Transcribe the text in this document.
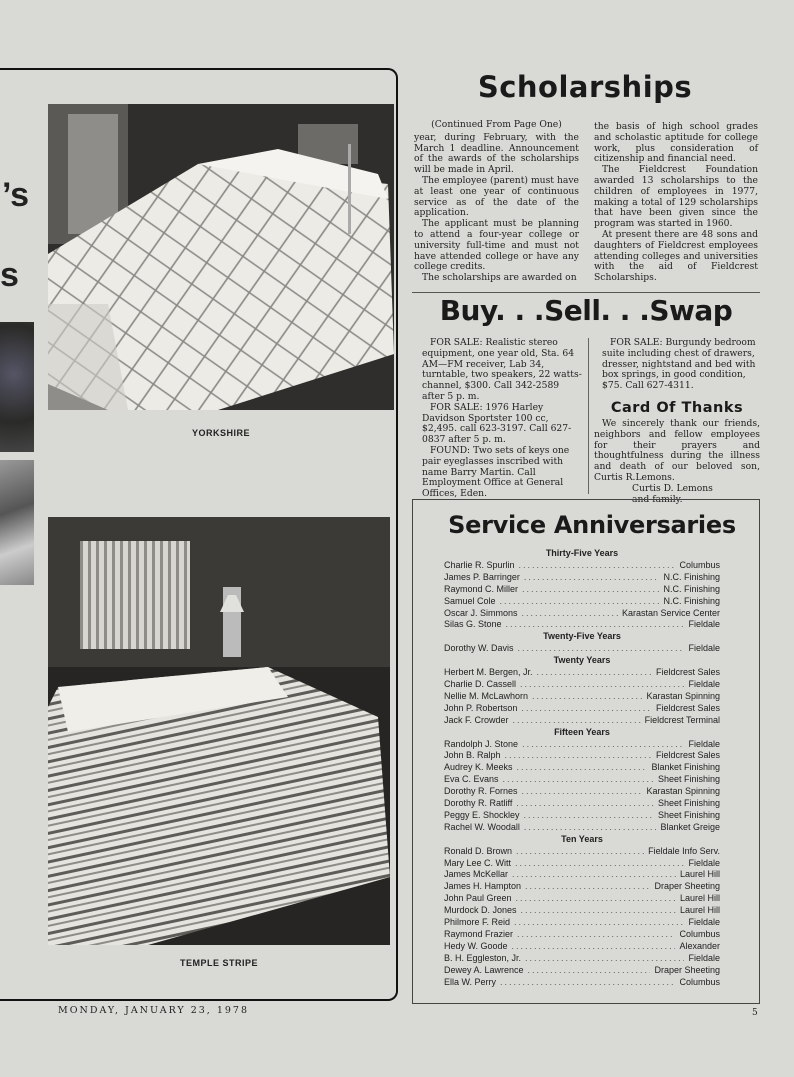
’s
s
YORKSHIRE
TEMPLE STRIPE
Scholarships
(Continued From Page One)

year, during February, with the March 1 deadline. Announcement of the awards of the scholarships will be made in April.

The employee (parent) must have at least one year of continuous service as of the date of the application.

The applicant must be planning to attend a four-year college or university full-time and must not have attended college or have any college credits.

The scholarships are awarded on

the basis of high school grades and scholastic aptitude for college work, plus consideration of citizenship and financial need.

The Fieldcrest Foundation awarded 13 scholarships to the children of employees in 1977, making a total of 129 scholarships that have been given since the program was started in 1960.

At present there are 48 sons and daughters of Fieldcrest employees attending colleges and universities with the aid of Fieldcrest Scholarships.

Buy. . .Sell. . .Swap

FOR SALE: Realistic stereo equipment, one year old, Sta. 64 AM—FM receiver, Lab 34, turntable, two speakers, 22 watts-channel, $300. Call 342-2589 after 5 p. m.

FOR SALE: 1976 Harley Davidson Sportster 100 cc, $2,495. call 623-3197. Call 627-0837 after 5 p. m.

FOUND: Two sets of keys one pair eyeglasses inscribed with name Barry Martin. Call Employment Office at General Offices, Eden.

FOR SALE: Burgundy bedroom suite including chest of drawers, dresser, nightstand and bed with box springs, in good condition, $75. Call 627-4311.

Card Of Thanks

We sincerely thank our friends, neighbors and fellow employees for their prayers and thoughtfulness during the illness and death of our beloved son, Curtis R.Lemons.

Curtis D. Lemons
and family.
Service Anniversaries
Thirty-Five Years
Charlie R. Spurlin .....	Columbus
James P. Barringer .....	N.C. Finishing
Raymond C. Miller .....	N.C. Finishing
Samuel Cole .....	N.C. Finishing
Oscar J. Simmons .....	Karastan Service Center
Silas G. Stone .....	Fieldale
Twenty-Five Years
Dorothy W. Davis .....	Fieldale
Twenty Years
Herbert M. Bergen, Jr. .....	Fieldcrest Sales
Charlie D. Cassell .....	Fieldale
Nellie M. McLawhorn .....	Karastan Spinning
John P. Robertson .....	Fieldcrest Sales
Jack F. Crowder .....	Fieldcrest Terminal
Fifteen Years
Randolph J. Stone .....	Fieldale
John B. Ralph .....	Fieldcrest Sales
Audrey K. Meeks .....	Blanket Finishing
Eva C. Evans .....	Sheet Finishing
Dorothy R. Fornes .....	Karastan Spinning
Dorothy R. Ratliff .....	Sheet Finishing
Peggy E. Shockley .....	Sheet Finishing
Rachel W. Woodall .....	Blanket Greige
Ten Years
Ronald D. Brown .....	Fieldale Info Serv.
Mary Lee C. Witt .....	Fieldale
James McKellar .....	Laurel Hill
James H. Hampton .....	Draper Sheeting
John Paul Green .....	Laurel Hill
Murdock D. Jones .....	Laurel Hill
Philmore F. Reid .....	Fieldale
Raymond Frazier .....	Columbus
Hedy W. Goode .....	Alexander
B. H. Eggleston, Jr. .....	Fieldale
Dewey A. Lawrence .....	Draper Sheeting
Ella W. Perry .....	Columbus
MONDAY, JANUARY 23, 1978	5
